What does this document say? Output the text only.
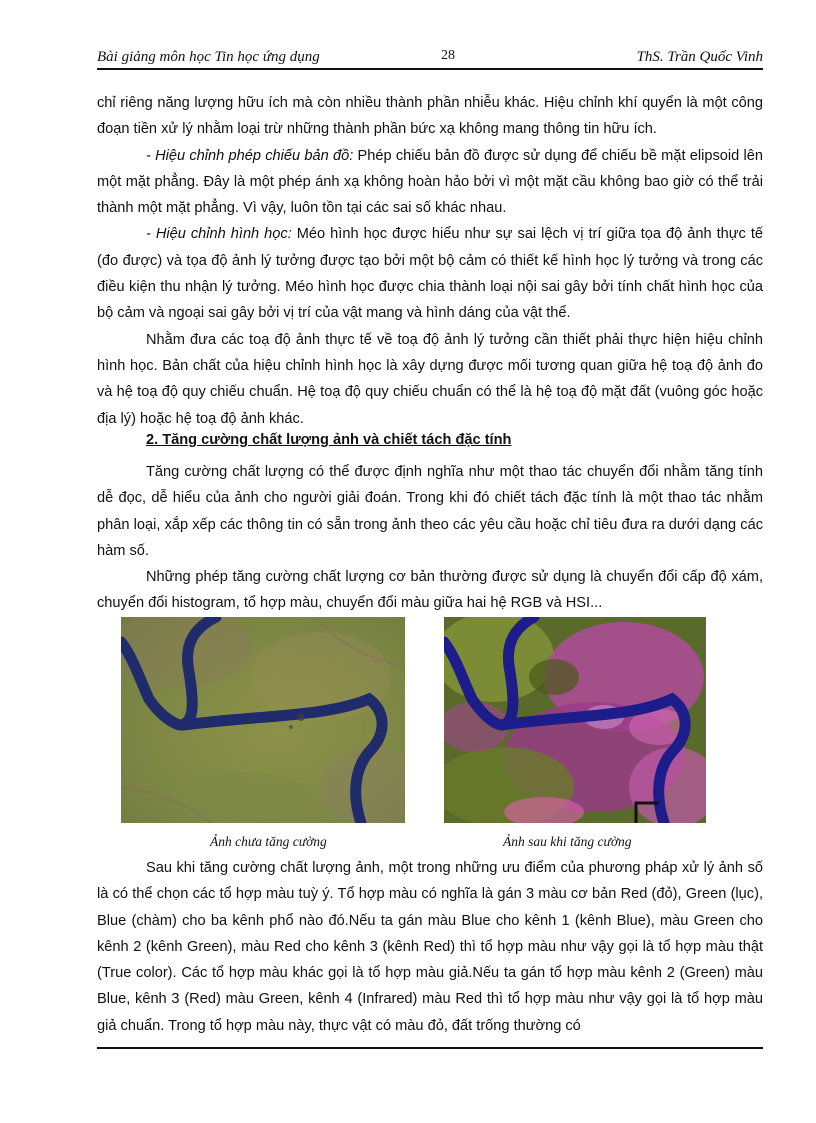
Bài giảng môn học Tin học ứng dụng	28	ThS. Trần Quốc Vinh

chỉ riêng năng lượng hữu ích mà còn nhiều thành phần nhiễu khác. Hiệu chỉnh khí quyển là một công đoạn tiền xử lý nhằm loại trừ những thành phần bức xạ không mang thông tin hữu ích.

- Hiệu chỉnh phép chiếu bản đồ: Phép chiếu bản đồ được sử dụng để chiếu bề mặt elipsoid lên một mặt phẳng. Đây là một phép ánh xạ không hoàn hảo bởi vì một mặt cầu không bao giờ có thể trải thành một mặt phẳng. Vì vậy, luôn tồn tại các sai số khác nhau.

- Hiệu chỉnh hình học: Méo hình học được hiểu như sự sai lệch vị trí giữa tọa độ ảnh thực tế (đo được) và tọa độ ảnh lý tưởng được tạo bởi một bộ cảm có thiết kế hình học lý tưởng và trong các điều kiện thu nhận lý tưởng. Méo hình học được chia thành loại nội sai gây bởi tính chất hình học của bộ cảm và ngoại sai gây bởi vị trí của vật mang và hình dáng của vật thể.

Nhằm đưa các toạ độ ảnh thực tế về toạ độ ảnh lý tưởng cần thiết phải thực hiện hiệu chỉnh hình học. Bản chất của hiệu chỉnh hình học là xây dựng được mối tương quan giữa hệ toạ độ ảnh đo và hệ toạ độ quy chiếu chuẩn. Hệ toạ độ quy chiếu chuẩn có thể là hệ toạ độ mặt đất (vuông góc hoặc địa lý) hoặc hệ toạ độ ảnh khác.

2. Tăng cường chất lượng ảnh và chiết tách đặc tính

Tăng cường chất lượng có thể được định nghĩa như một thao tác chuyển đổi nhằm tăng tính dễ đọc, dễ hiểu của ảnh cho người giải đoán. Trong khi đó chiết tách đặc tính là một thao tác nhằm phân loại, xắp xếp các thông tin có sẵn trong ảnh theo các yêu cầu hoặc chỉ tiêu đưa ra dưới dạng các hàm số.

Những phép tăng cường chất lượng cơ bản thường được sử dụng là chuyển đổi cấp độ xám, chuyển đổi histogram, tổ hợp màu, chuyển đổi màu giữa hai hệ RGB và HSI...

Ảnh chưa tăng cường	Ảnh sau khi tăng cường

Sau khi tăng cường chất lượng ảnh, một trong những ưu điểm của phương pháp xử lý ảnh số là có thể chọn các tổ hợp màu tuỳ ý. Tổ hợp màu có nghĩa là gán 3 màu cơ bản Red (đỏ), Green (lục), Blue (chàm) cho ba kênh phổ nào đó.Nếu ta gán màu Blue cho kênh 1 (kênh Blue), màu Green cho kênh 2 (kênh Green), màu Red cho kênh 3 (kênh Red) thì tổ hợp màu như vậy gọi là tổ hợp màu thật (True color). Các tổ hợp màu khác gọi là tổ hợp màu giả.Nếu ta gán tổ hợp màu kênh 2 (Green) màu Blue, kênh 3 (Red) màu Green, kênh 4 (Infrared) màu Red thì tổ hợp màu như vậy gọi là tổ hợp màu giả chuẩn. Trong tổ hợp màu này, thực vật có màu đỏ, đất trống thường có
